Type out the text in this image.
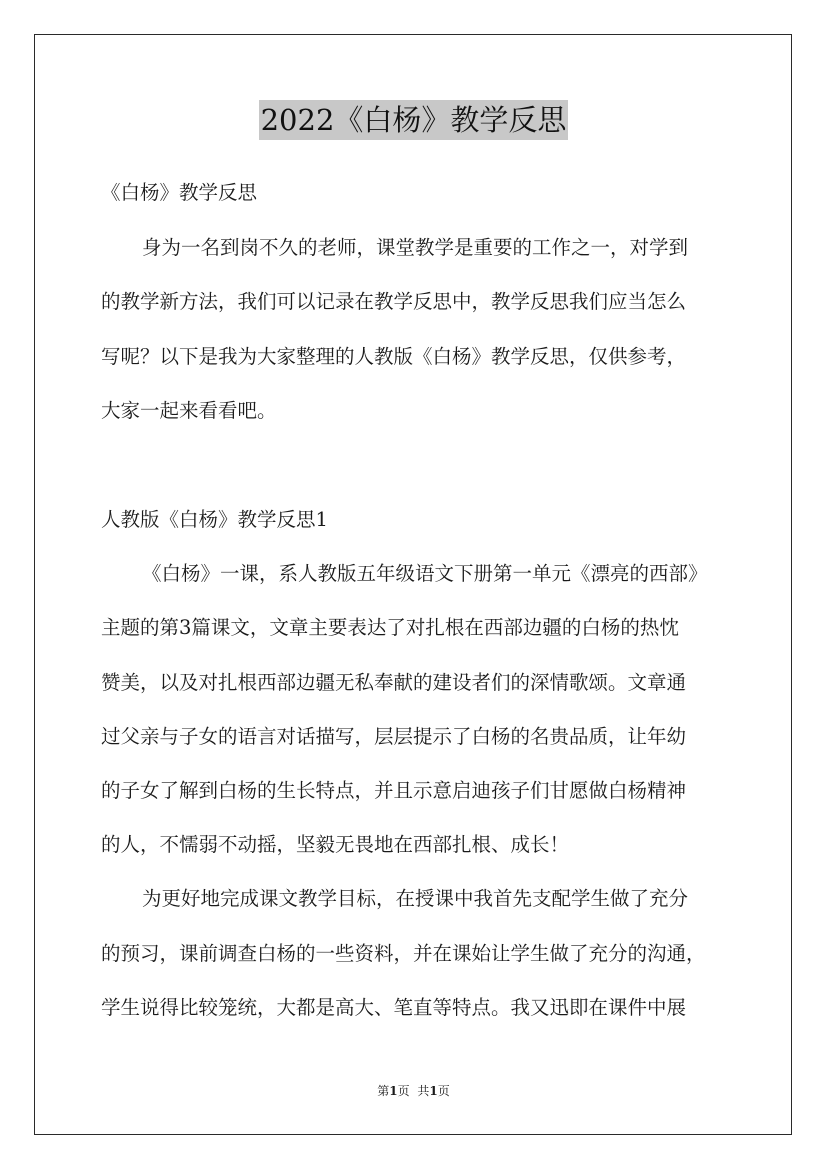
2022《白杨》教学反思
《白杨》教学反思
身为一名到岗不久的老师，课堂教学是重要的工作之一，对学到
的教学新方法，我们可以记录在教学反思中，教学反思我们应当怎么
写呢？以下是我为大家整理的人教版《白杨》教学反思，仅供参考，
大家一起来看看吧。
人教版《白杨》教学反思1
《白杨》一课，系人教版五年级语文下册第一单元《漂亮的西部》
主题的第3篇课文，文章主要表达了对扎根在西部边疆的白杨的热忱
赞美，以及对扎根西部边疆无私奉献的建设者们的深情歌颂。文章通
过父亲与子女的语言对话描写，层层提示了白杨的名贵品质，让年幼
的子女了解到白杨的生长特点，并且示意启迪孩子们甘愿做白杨精神
的人，不懦弱不动摇，坚毅无畏地在西部扎根、成长！
为更好地完成课文教学目标，在授课中我首先支配学生做了充分
的预习，课前调查白杨的一些资料，并在课始让学生做了充分的沟通，
学生说得比较笼统，大都是高大、笔直等特点。我又迅即在课件中展
第1页 共1页
